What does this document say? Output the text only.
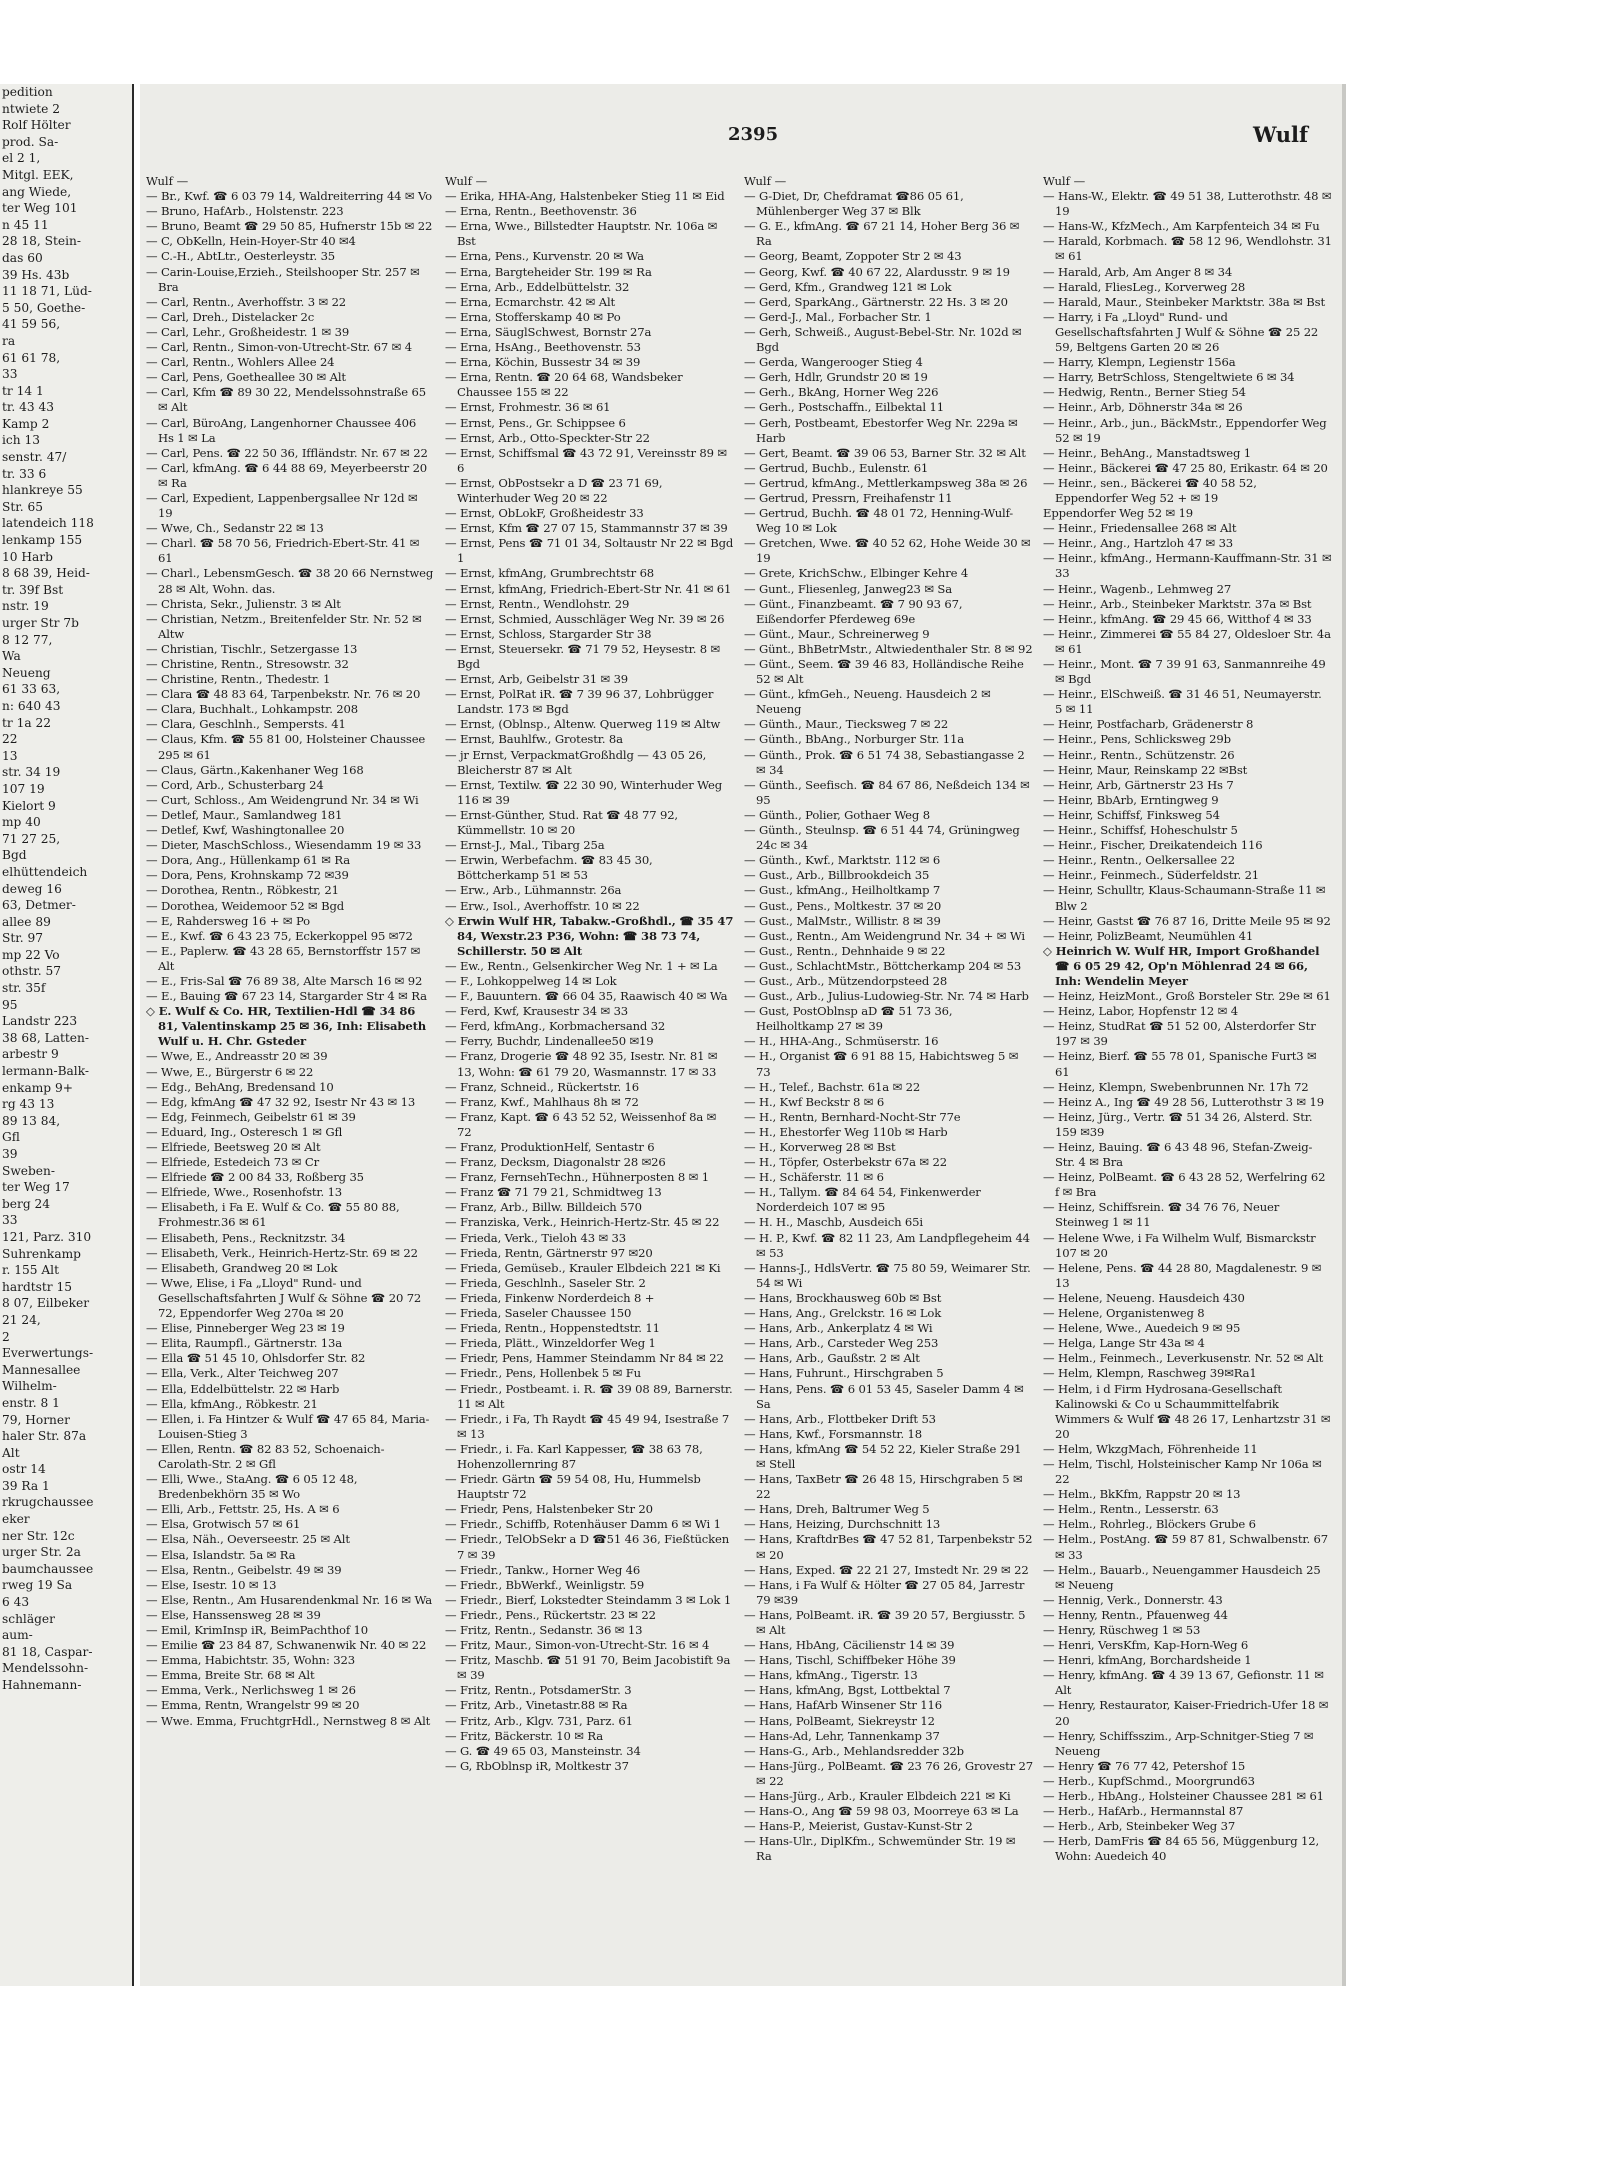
pedition
ntwiete 2
Rolf Hölter
prod. Sa-
el 2 1,
Mitgl. EEK,
ang Wiede,
ter Weg 101
n 45 11
28 18, Stein-
das 60
39 Hs. 43b
11 18 71, Lüd-
5 50, Goethe-
41 59 56,
ra
61 61 78,
33
tr 14 1
tr. 43 43
Kamp 2
ich 13
senstr. 47/
tr. 33 6
hlankreye 55
Str. 65
latendeich 118
lenkamp 155
10 Harb
8 68 39, Heid-
tr. 39f Bst
nstr. 19
urger Str 7b
8 12 77,
Wa
Neueng
61 33 63,
n: 640 43
tr 1a 22
22
13
str. 34 19
107 19
Kielort 9
mp 40
71 27 25,
Bgd
elhüttendeich
deweg 16
63, Detmer-
allee 89
Str. 97
mp 22 Vo
othstr. 57
str. 35f
95
Landstr 223
38 68, Latten-
arbestr 9
lermann-Balk-
enkamp 9+
rg 43 13
89 13 84,
Gfl
39
Sweben-
ter Weg 17
berg 24
33
121, Parz. 310
Suhrenkamp
r. 155 Alt
hardtstr 15
8 07, Eilbeker
21 24,
2
Everwertungs-
Mannesallee
Wilhelm-
enstr. 8 1
79, Horner
haler Str. 87a
Alt
ostr 14
39 Ra 1
rkrugchaussee
eker
ner Str. 12c
urger Str. 2a
baumchaussee
rweg 19 Sa
6 43
schläger
aum-
81 18, Caspar-
Mendelssohn-
Hahnemann-
2395	Wulf
Wulf —

— Br., Kwf. ☎ 6 03 79 14, Waldreiterring 44 ✉ Vo

— Bruno, HafArb., Holstenstr. 223

— Bruno, Beamt ☎ 29 50 85, Hufnerstr 15b ✉ 22

— C, ObKelln, Hein-Hoyer-Str 40 ✉4

— C.-H., AbtLtr., Oesterleystr. 35

— Carin-Louise,Erzieh., Steilshooper Str. 257 ✉ Bra

— Carl, Rentn., Averhoffstr. 3 ✉ 22

— Carl, Dreh., Distelacker 2c

— Carl, Lehr., Großheidestr. 1 ✉ 39

— Carl, Rentn., Simon-von-Utrecht-Str. 67 ✉ 4

— Carl, Rentn., Wohlers Allee 24

— Carl, Pens, Goetheallee 30 ✉ Alt

— Carl, Kfm ☎ 89 30 22, Mendelssohnstraße 65 ✉ Alt

— Carl, BüroAng, Langenhorner Chaussee 406 Hs 1 ✉ La

— Carl, Pens. ☎ 22 50 36, Iffländstr. Nr. 67 ✉ 22

— Carl, kfmAng. ☎ 6 44 88 69, Meyerbeerstr 20 ✉ Ra

— Carl, Expedient, Lappenbergsallee Nr 12d ✉ 19

— Wwe, Ch., Sedanstr 22 ✉ 13

— Charl. ☎ 58 70 56, Friedrich-Ebert-Str. 41 ✉ 61

— Charl., LebensmGesch. ☎ 38 20 66 Nernstweg 28 ✉ Alt, Wohn. das.

— Christa, Sekr., Julienstr. 3 ✉ Alt

— Christian, Netzm., Breitenfelder Str. Nr. 52 ✉ Altw

— Christian, Tischlr., Setzergasse 13

— Christine, Rentn., Stresowstr. 32

— Christine, Rentn., Thedestr. 1

— Clara ☎ 48 83 64, Tarpenbekstr. Nr. 76 ✉ 20

— Clara, Buchhalt., Lohkampstr. 208

— Clara, Geschlnh., Sempersts. 41

— Claus, Kfm. ☎ 55 81 00, Holsteiner Chaussee 295 ✉ 61

— Claus, Gärtn.,Kakenhaner Weg 168

— Cord, Arb., Schusterbarg 24

— Curt, Schloss., Am Weidengrund Nr. 34 ✉ Wi

— Detlef, Maur., Samlandweg 181

— Detlef, Kwf, Washingtonallee 20

— Dieter, MaschSchloss., Wiesendamm 19 ✉ 33

— Dora, Ang., Hüllenkamp 61 ✉ Ra

— Dora, Pens, Krohnskamp 72 ✉39

— Dorothea, Rentn., Röbkestr, 21

— Dorothea, Weidemoor 52 ✉ Bgd

— E, Rahdersweg 16 + ✉ Po

— E., Kwf. ☎ 6 43 23 75, Eckerkoppel 95 ✉72

— E., Paplerw. ☎ 43 28 65, Bernstorffstr 157 ✉ Alt

— E., Fris-Sal ☎ 76 89 38, Alte Marsch 16 ✉ 92

— E., Bauing ☎ 67 23 14, Stargarder Str 4 ✉ Ra

◇ E. Wulf & Co. HR, Textilien-Hdl ☎ 34 86 81, Valentinskamp 25 ✉ 36, Inh: Elisabeth Wulf u. H. Chr. Gsteder

— Wwe, E., Andreasstr 20 ✉ 39

— Wwe, E., Bürgerstr 6 ✉ 22

— Edg., BehAng, Bredensand 10

— Edg, kfmAng ☎ 47 32 92, Isestr Nr 43 ✉ 13

— Edg, Feinmech, Geibelstr 61 ✉ 39

— Eduard, Ing., Osteresch 1 ✉ Gfl

— Elfriede, Beetsweg 20 ✉ Alt

— Elfriede, Estedeich 73 ✉ Cr

— Elfriede ☎ 2 00 84 33, Roßberg 35

— Elfriede, Wwe., Rosenhofstr. 13

— Elisabeth, i Fa E. Wulf & Co. ☎ 55 80 88, Frohmestr.36 ✉ 61

— Elisabeth, Pens., Recknitzstr. 34

— Elisabeth, Verk., Heinrich-Hertz-Str. 69 ✉ 22

— Elisabeth, Grandweg 20 ✉ Lok

— Wwe, Elise, i Fa „Lloyd" Rund- und Gesellschaftsfahrten J Wulf & Söhne ☎ 20 72 72, Eppendorfer Weg 270a ✉ 20

— Elise, Pinneberger Weg 23 ✉ 19

— Elita, Raumpfl., Gärtnerstr. 13a

— Ella ☎ 51 45 10, Ohlsdorfer Str. 82

— Ella, Verk., Alter Teichweg 207

— Ella, Eddelbüttelstr. 22 ✉ Harb

— Ella, kfmAng., Röbkestr. 21

— Ellen, i. Fa Hintzer & Wulf ☎ 47 65 84, Maria-Louisen-Stieg 3

— Ellen, Rentn. ☎ 82 83 52, Schoenaich-Carolath-Str. 2 ✉ Gfl

— Elli, Wwe., StaAng. ☎ 6 05 12 48, Bredenbekhörn 35 ✉ Wo

— Elli, Arb., Fettstr. 25, Hs. A ✉ 6

— Elsa, Grotwisch 57 ✉ 61

— Elsa, Näh., Oeverseestr. 25 ✉ Alt

— Elsa, Islandstr. 5a ✉ Ra

— Elsa, Rentn., Geibelstr. 49 ✉ 39

— Else, Isestr. 10 ✉ 13

— Else, Rentn., Am Husarendenkmal Nr. 16 ✉ Wa

— Else, Hanssensweg 28 ✉ 39

— Emil, KrimInsp iR, BeimPachthof 10

— Emilie ☎ 23 84 87, Schwanenwik Nr. 40 ✉ 22

— Emma, Habichtstr. 35, Wohn: 323

— Emma, Breite Str. 68 ✉ Alt

— Emma, Verk., Nerlichsweg 1 ✉ 26

— Emma, Rentn, Wrangelstr 99 ✉ 20

— Wwe. Emma, FruchtgrHdl., Nernstweg 8 ✉ Alt

Wulf —

— Erika, HHA-Ang, Halstenbeker Stieg 11 ✉ Eid

— Erna, Rentn., Beethovenstr. 36

— Erna, Wwe., Billstedter Hauptstr. Nr. 106a ✉ Bst

— Erna, Pens., Kurvenstr. 20 ✉ Wa

— Erna, Bargteheider Str. 199 ✉ Ra

— Erna, Arb., Eddelbüttelstr. 32

— Erna, Ecmarchstr. 42 ✉ Alt

— Erna, Stofferskamp 40 ✉ Po

— Erna, SäuglSchwest, Bornstr 27a

— Erna, HsAng., Beethovenstr. 53

— Erna, Köchin, Bussestr 34 ✉ 39

— Erna, Rentn. ☎ 20 64 68, Wandsbeker Chaussee 155 ✉ 22

— Ernst, Frohmestr. 36 ✉ 61

— Ernst, Pens., Gr. Schippsee 6

— Ernst, Arb., Otto-Speckter-Str 22

— Ernst, Schiffsmal ☎ 43 72 91, Vereinsstr 89 ✉ 6

— Ernst, ObPostsekr a D ☎ 23 71 69, Winterhuder Weg 20 ✉ 22

— Ernst, ObLokF, Großheidestr 33

— Ernst, Kfm ☎ 27 07 15, Stammannstr 37 ✉ 39

— Ernst, Pens ☎ 71 01 34, Soltaustr Nr 22 ✉ Bgd 1

— Ernst, kfmAng, Grumbrechtstr 68

— Ernst, kfmAng, Friedrich-Ebert-Str Nr. 41 ✉ 61

— Ernst, Rentn., Wendlohstr. 29

— Ernst, Schmied, Ausschläger Weg Nr. 39 ✉ 26

— Ernst, Schloss, Stargarder Str 38

— Ernst, Steuersekr. ☎ 71 79 52, Heysestr. 8 ✉ Bgd

— Ernst, Arb, Geibelstr 31 ✉ 39

— Ernst, PolRat iR. ☎ 7 39 96 37, Lohbrügger Landstr. 173 ✉ Bgd

— Ernst, (Oblnsp., Altenw. Querweg 119 ✉ Altw

— Ernst, Bauhlfw., Grotestr. 8a

— jr Ernst, VerpackmatGroßhdlg — 43 05 26, Bleicherstr 87 ✉ Alt

— Ernst, Textilw. ☎ 22 30 90, Winterhuder Weg 116 ✉ 39

— Ernst-Günther, Stud. Rat ☎ 48 77 92, Kümmellstr. 10 ✉ 20

— Ernst-J., Mal., Tibarg 25a

— Erwin, Werbefachm. ☎ 83 45 30, Böttcherkamp 51 ✉ 53

— Erw., Arb., Lühmannstr. 26a

— Erw., Isol., Averhoffstr. 10 ✉ 22

◇ Erwin Wulf HR, Tabakw.-Großhdl., ☎ 35 47 84, Wexstr.23 P36, Wohn: ☎ 38 73 74, Schillerstr. 50 ✉ Alt

— Ew., Rentn., Gelsenkircher Weg Nr. 1 + ✉ La

— F., Lohkoppelweg 14 ✉ Lok

— F., Bauuntern. ☎ 66 04 35, Raawisch 40 ✉ Wa

— Ferd, Kwf, Krausestr 34 ✉ 33

— Ferd, kfmAng., Korbmachersand 32

— Ferry, Buchdr, Lindenallee50 ✉19

— Franz, Drogerie ☎ 48 92 35, Isestr. Nr. 81 ✉ 13, Wohn: ☎ 61 79 20, Wasmannstr. 17 ✉ 33

— Franz, Schneid., Rückertstr. 16

— Franz, Kwf., Mahlhaus 8h ✉ 72

— Franz, Kapt. ☎ 6 43 52 52, Weissenhof 8a ✉ 72

— Franz, ProduktionHelf, Sentastr 6

— Franz, Decksm, Diagonalstr 28 ✉26

— Franz, FernsehTechn., Hühnerposten 8 ✉ 1

— Franz ☎ 71 79 21, Schmidtweg 13

— Franz, Arb., Billw. Billdeich 570

— Franziska, Verk., Heinrich-Hertz-Str. 45 ✉ 22

— Frieda, Verk., Tieloh 43 ✉ 33

— Frieda, Rentn, Gärtnerstr 97 ✉20

— Frieda, Gemüseb., Krauler Elbdeich 221 ✉ Ki

— Frieda, Geschlnh., Saseler Str. 2

— Frieda, Finkenw Norderdeich 8 +

— Frieda, Saseler Chaussee 150

— Frieda, Rentn., Hoppenstedtstr. 11

— Frieda, Plätt., Winzeldorfer Weg 1

— Friedr, Pens, Hammer Steindamm Nr 84 ✉ 22

— Friedr., Pens, Hollenbek 5 ✉ Fu

— Friedr., Postbeamt. i. R. ☎ 39 08 89, Barnerstr. 11 ✉ Alt

— Friedr., i Fa, Th Raydt ☎ 45 49 94, Isestraße 7 ✉ 13

— Friedr., i. Fa. Karl Kappesser, ☎ 38 63 78, Hohenzollernring 87

— Friedr. Gärtn ☎ 59 54 08, Hu, Hummelsb Hauptstr 72

— Friedr, Pens, Halstenbeker Str 20

— Friedr., Schiffb, Rotenhäuser Damm 6 ✉ Wi 1

— Friedr., TelObSekr a D ☎51 46 36, Fießtücken 7 ✉ 39

— Friedr., Tankw., Horner Weg 46

— Friedr., BbWerkf., Weinligstr. 59

— Friedr., Bierf, Lokstedter Steindamm 3 ✉ Lok 1

— Friedr., Pens., Rückertstr. 23 ✉ 22

— Fritz, Rentn., Sedanstr. 36 ✉ 13

— Fritz, Maur., Simon-von-Utrecht-Str. 16 ✉ 4

— Fritz, Maschb. ☎ 51 91 70, Beim Jacobistift 9a ✉ 39

— Fritz, Rentn., PotsdamerStr. 3

— Fritz, Arb., Vinetastr.88 ✉ Ra

— Fritz, Arb., Klgv. 731, Parz. 61

— Fritz, Bäckerstr. 10 ✉ Ra

— G. ☎ 49 65 03, Mansteinstr. 34

— G, RbOblnsp iR, Moltkestr 37

Wulf —

— G-Diet, Dr, Chefdramat ☎86 05 61, Mühlenberger Weg 37 ✉ Blk

— G. E., kfmAng. ☎ 67 21 14, Hoher Berg 36 ✉ Ra

— Georg, Beamt, Zoppoter Str 2 ✉ 43

— Georg, Kwf. ☎ 40 67 22, Alardusstr. 9 ✉ 19

— Gerd, Kfm., Grandweg 121 ✉ Lok

— Gerd, SparkAng., Gärtnerstr. 22 Hs. 3 ✉ 20

— Gerd-J., Mal., Forbacher Str. 1

— Gerh, Schweiß., August-Bebel-Str. Nr. 102d ✉ Bgd

— Gerda, Wangerooger Stieg 4

— Gerh, Hdlr, Grundstr 20 ✉ 19

— Gerh., BkAng, Horner Weg 226

— Gerh., Postschaffn., Eilbektal 11

— Gerh, Postbeamt, Ebestorfer Weg Nr. 229a ✉ Harb

— Gert, Beamt. ☎ 39 06 53, Barner Str. 32 ✉ Alt

— Gertrud, Buchb., Eulenstr. 61

— Gertrud, kfmAng., Mettlerkampsweg 38a ✉ 26

— Gertrud, Pressrn, Freihafenstr 11

— Gertrud, Buchh. ☎ 48 01 72, Henning-Wulf-Weg 10 ✉ Lok

— Gretchen, Wwe. ☎ 40 52 62, Hohe Weide 30 ✉ 19

— Grete, KrichSchw., Elbinger Kehre 4

— Gunt., Fliesenleg, Janweg23 ✉ Sa

— Günt., Finanzbeamt. ☎ 7 90 93 67, Eißendorfer Pferdeweg 69e

— Günt., Maur., Schreinerweg 9

— Günt., BhBetrMstr., Altwiedenthaler Str. 8 ✉ 92

— Günt., Seem. ☎ 39 46 83, Holländische Reihe 52 ✉ Alt

— Günt., kfmGeh., Neueng. Hausdeich 2 ✉ Neueng

— Günth., Maur., Tiecksweg 7 ✉ 22

— Günth., BbAng., Norburger Str. 11a

— Günth., Prok. ☎ 6 51 74 38, Sebastiangasse 2 ✉ 34

— Günth., Seefisch. ☎ 84 67 86, Neßdeich 134 ✉ 95

— Günth., Polier, Gothaer Weg 8

— Günth., Steulnsp. ☎ 6 51 44 74, Grüningweg 24c ✉ 34

— Günth., Kwf., Marktstr. 112 ✉ 6

— Gust., Arb., Billbrookdeich 35

— Gust., kfmAng., Heilholtkamp 7

— Gust., Pens., Moltkestr. 37 ✉ 20

— Gust., MalMstr., Willistr. 8 ✉ 39

— Gust., Rentn., Am Weidengrund Nr. 34 + ✉ Wi

— Gust., Rentn., Dehnhaide 9 ✉ 22

— Gust., SchlachtMstr., Böttcherkamp 204 ✉ 53

— Gust., Arb., Mützendorpsteed 28

— Gust., Arb., Julius-Ludowieg-Str. Nr. 74 ✉ Harb

— Gust, PostOblnsp aD ☎ 51 73 36, Heilholtkamp 27 ✉ 39

— H., HHA-Ang., Schmüserstr. 16

— H., Organist ☎ 6 91 88 15, Habichtsweg 5 ✉ 73

— H., Telef., Bachstr. 61a ✉ 22

— H., Kwf Beckstr 8 ✉ 6

— H., Rentn, Bernhard-Nocht-Str 77e

— H., Ehestorfer Weg 110b ✉ Harb

— H., Korverweg 28 ✉ Bst

— H., Töpfer, Osterbekstr 67a ✉ 22

— H., Schäferstr. 11 ✉ 6

— H., Tallym. ☎ 84 64 54, Finkenwerder Norderdeich 107 ✉ 95

— H. H., Maschb, Ausdeich 65i

— H. P., Kwf. ☎ 82 11 23, Am Landpflegeheim 44 ✉ 53

— Hanns-J., HdlsVertr. ☎ 75 80 59, Weimarer Str. 54 ✉ Wi

— Hans, Brockhausweg 60b ✉ Bst

— Hans, Ang., Grelckstr. 16 ✉ Lok

— Hans, Arb., Ankerplatz 4 ✉ Wi

— Hans, Arb., Carsteder Weg 253

— Hans, Arb., Gaußstr. 2 ✉ Alt

— Hans, Fuhrunt., Hirschgraben 5

— Hans, Pens. ☎ 6 01 53 45, Saseler Damm 4 ✉ Sa

— Hans, Arb., Flottbeker Drift 53

— Hans, Kwf., Forsmannstr. 18

— Hans, kfmAng ☎ 54 52 22, Kieler Straße 291 ✉ Stell

— Hans, TaxBetr ☎ 26 48 15, Hirschgraben 5 ✉ 22

— Hans, Dreh, Baltrumer Weg 5

— Hans, Heizing, Durchschnitt 13

— Hans, KraftdrBes ☎ 47 52 81, Tarpenbekstr 52 ✉ 20

— Hans, Exped. ☎ 22 21 27, Imstedt Nr. 29 ✉ 22

— Hans, i Fa Wulf & Hölter ☎ 27 05 84, Jarrestr 79 ✉39

— Hans, PolBeamt. iR. ☎ 39 20 57, Bergiusstr. 5 ✉ Alt

— Hans, HbAng, Cäcilienstr 14 ✉ 39

— Hans, Tischl, Schiffbeker Höhe 39

— Hans, kfmAng., Tigerstr. 13

— Hans, kfmAng, Bgst, Lottbektal 7

— Hans, HafArb Winsener Str 116

— Hans, PolBeamt, Siekreystr 12

— Hans-Ad, Lehr, Tannenkamp 37

— Hans-G., Arb., Mehlandsredder 32b

— Hans-Jürg., PolBeamt. ☎ 23 76 26, Grovestr 27 ✉ 22

— Hans-Jürg., Arb., Krauler Elbdeich 221 ✉ Ki

— Hans-O., Ang ☎ 59 98 03, Moorreye 63 ✉ La

— Hans-P., Meierist, Gustav-Kunst-Str 2

— Hans-Ulr., DiplKfm., Schwemünder Str. 19 ✉ Ra

Wulf —

— Hans-W., Elektr. ☎ 49 51 38, Lutterothstr. 48 ✉ 19

— Hans-W., KfzMech., Am Karpfenteich 34 ✉ Fu

— Harald, Korbmach. ☎ 58 12 96, Wendlohstr. 31 ✉ 61

— Harald, Arb, Am Anger 8 ✉ 34

— Harald, FliesLeg., Korverweg 28

— Harald, Maur., Steinbeker Marktstr. 38a ✉ Bst

— Harry, i Fa „Lloyd" Rund- und Gesellschaftsfahrten J Wulf & Söhne ☎ 25 22 59, Beltgens Garten 20 ✉ 26

— Harry, Klempn, Legienstr 156a

— Harry, BetrSchloss, Stengeltwiete 6 ✉ 34

— Hedwig, Rentn., Berner Stieg 54

— Heinr., Arb, Döhnerstr 34a ✉ 26

— Heinr., Arb., jun., BäckMstr., Eppendorfer Weg 52 ✉ 19

— Heinr., BehAng., Manstadtsweg 1

— Heinr., Bäckerei ☎ 47 25 80, Erikastr. 64 ✉ 20

— Heinr., sen., Bäckerei ☎ 40 58 52, Eppendorfer Weg 52 + ✉ 19

Eppendorfer Weg 52 ✉ 19

— Heinr., Friedensallee 268 ✉ Alt

— Heinr., Ang., Hartzloh 47 ✉ 33

— Heinr., kfmAng., Hermann-Kauffmann-Str. 31 ✉ 33

— Heinr., Wagenb., Lehmweg 27

— Heinr., Arb., Steinbeker Marktstr. 37a ✉ Bst

— Heinr., kfmAng. ☎ 29 45 66, Witthof 4 ✉ 33

— Heinr., Zimmerei ☎ 55 84 27, Oldesloer Str. 4a ✉ 61

— Heinr., Mont. ☎ 7 39 91 63, Sanmannreihe 49 ✉ Bgd

— Heinr., ElSchweiß. ☎ 31 46 51, Neumayerstr. 5 ✉ 11

— Heinr, Postfacharb, Grädenerstr 8

— Heinr., Pens, Schlicksweg 29b

— Heinr., Rentn., Schützenstr. 26

— Heinr, Maur, Reinskamp 22 ✉Bst

— Heinr, Arb, Gärtnerstr 23 Hs 7

— Heinr, BbArb, Erntingweg 9

— Heinr, Schiffsf, Finksweg 54

— Heinr., Schiffsf, Hoheschulstr 5

— Heinr., Fischer, Dreikatendeich 116

— Heinr., Rentn., Oelkersallee 22

— Heinr., Feinmech., Süderfeldstr. 21

— Heinr, Schulltr, Klaus-Schaumann-Straße 11 ✉ Blw 2

— Heinr, Gastst ☎ 76 87 16, Dritte Meile 95 ✉ 92

— Heinr, PolizBeamt, Neumühlen 41

◇ Heinrich W. Wulf HR, Import Großhandel ☎ 6 05 29 42, Op'n Möhlenrad 24 ✉ 66, Inh: Wendelin Meyer

— Heinz, HeizMont., Groß Borsteler Str. 29e ✉ 61

— Heinz, Labor, Hopfenstr 12 ✉ 4

— Heinz, StudRat ☎ 51 52 00, Alsterdorfer Str 197 ✉ 39

— Heinz, Bierf. ☎ 55 78 01, Spanische Furt3 ✉ 61

— Heinz, Klempn, Swebenbrunnen Nr. 17h 72

— Heinz A., Ing ☎ 49 28 56, Lutterothstr 3 ✉ 19

— Heinz, Jürg., Vertr. ☎ 51 34 26, Alsterd. Str. 159 ✉39

— Heinz, Bauing. ☎ 6 43 48 96, Stefan-Zweig-Str. 4 ✉ Bra

— Heinz, PolBeamt. ☎ 6 43 28 52, Werfelring 62 f ✉ Bra

— Heinz, Schiffsrein. ☎ 34 76 76, Neuer Steinweg 1 ✉ 11

— Helene Wwe, i Fa Wilhelm Wulf, Bismarckstr 107 ✉ 20

— Helene, Pens. ☎ 44 28 80, Magdalenestr. 9 ✉ 13

— Helene, Neueng. Hausdeich 430

— Helene, Organistenweg 8

— Helene, Wwe., Auedeich 9 ✉ 95

— Helga, Lange Str 43a ✉ 4

— Helm., Feinmech., Leverkusenstr. Nr. 52 ✉ Alt

— Helm, Klempn, Raschweg 39✉Ra1

— Helm, i d Firm Hydrosana-Gesellschaft Kalinowski & Co u Schaummittelfabrik Wimmers & Wulf ☎ 48 26 17, Lenhartzstr 31 ✉ 20

— Helm, WkzgMach, Föhrenheide 11

— Helm, Tischl, Holsteinischer Kamp Nr 106a ✉ 22

— Helm., BkKfm, Rappstr 20 ✉ 13

— Helm., Rentn., Lesserstr. 63

— Helm., Rohrleg., Blöckers Grube 6

— Helm., PostAng. ☎ 59 87 81, Schwalbenstr. 67 ✉ 33

— Helm., Bauarb., Neuengammer Hausdeich 25 ✉ Neueng

— Hennig, Verk., Donnerstr. 43

— Henny, Rentn., Pfauenweg 44

— Henry, Rüschweg 1 ✉ 53

— Henri, VersKfm, Kap-Horn-Weg 6

— Henri, kfmAng, Borchardsheide 1

— Henry, kfmAng. ☎ 4 39 13 67, Gefionstr. 11 ✉ Alt

— Henry, Restaurator, Kaiser-Friedrich-Ufer 18 ✉ 20

— Henry, Schiffsszim., Arp-Schnitger-Stieg 7 ✉ Neueng

— Henry ☎ 76 77 42, Petershof 15

— Herb., KupfSchmd., Moorgrund63

— Herb., HbAng., Holsteiner Chaussee 281 ✉ 61

— Herb., HafArb., Hermannstal 87

— Herb., Arb, Steinbeker Weg 37

— Herb, DamFris ☎ 84 65 56, Müggenburg 12, Wohn: Auedeich 40
